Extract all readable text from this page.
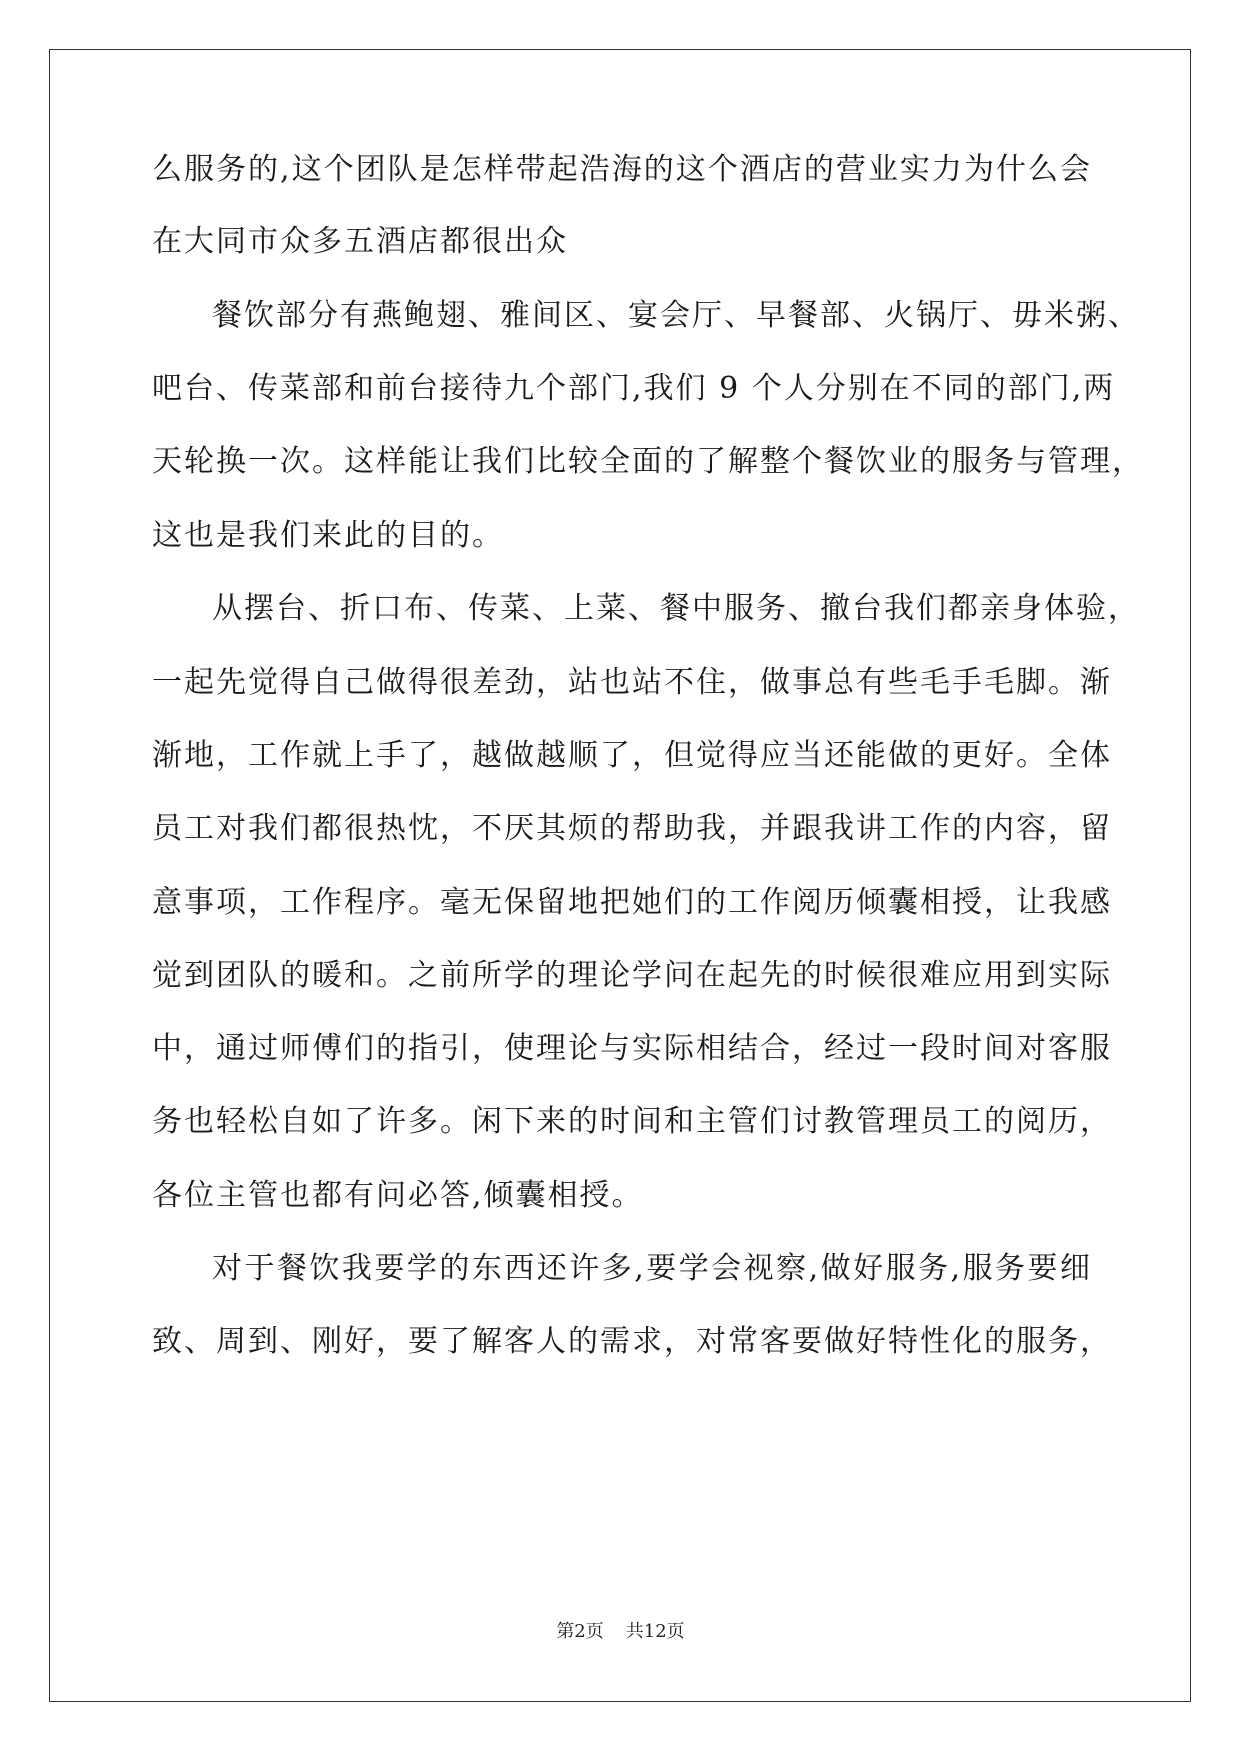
么服务的,这个团队是怎样带起浩海的这个酒店的营业实力为什么会
在大同市众多五酒店都很出众
餐饮部分有燕鲍翅、雅间区、宴会厅、早餐部、火锅厅、毋米粥、
吧台、传菜部和前台接待九个部门,我们 9 个人分别在不同的部门,两
天轮换一次。这样能让我们比较全面的了解整个餐饮业的服务与管理，
这也是我们来此的目的。
从摆台、折口布、传菜、上菜、餐中服务、撤台我们都亲身体验，
一起先觉得自己做得很差劲，站也站不住，做事总有些毛手毛脚。渐
渐地，工作就上手了，越做越顺了，但觉得应当还能做的更好。全体
员工对我们都很热忱，不厌其烦的帮助我，并跟我讲工作的内容，留
意事项，工作程序。毫无保留地把她们的工作阅历倾囊相授，让我感
觉到团队的暖和。之前所学的理论学问在起先的时候很难应用到实际
中，通过师傅们的指引，使理论与实际相结合，经过一段时间对客服
务也轻松自如了许多。闲下来的时间和主管们讨教管理员工的阅历，
各位主管也都有问必答,倾囊相授。
对于餐饮我要学的东西还许多,要学会视察,做好服务,服务要细
致、周到、刚好，要了解客人的需求，对常客要做好特性化的服务，
第2页 共12页
